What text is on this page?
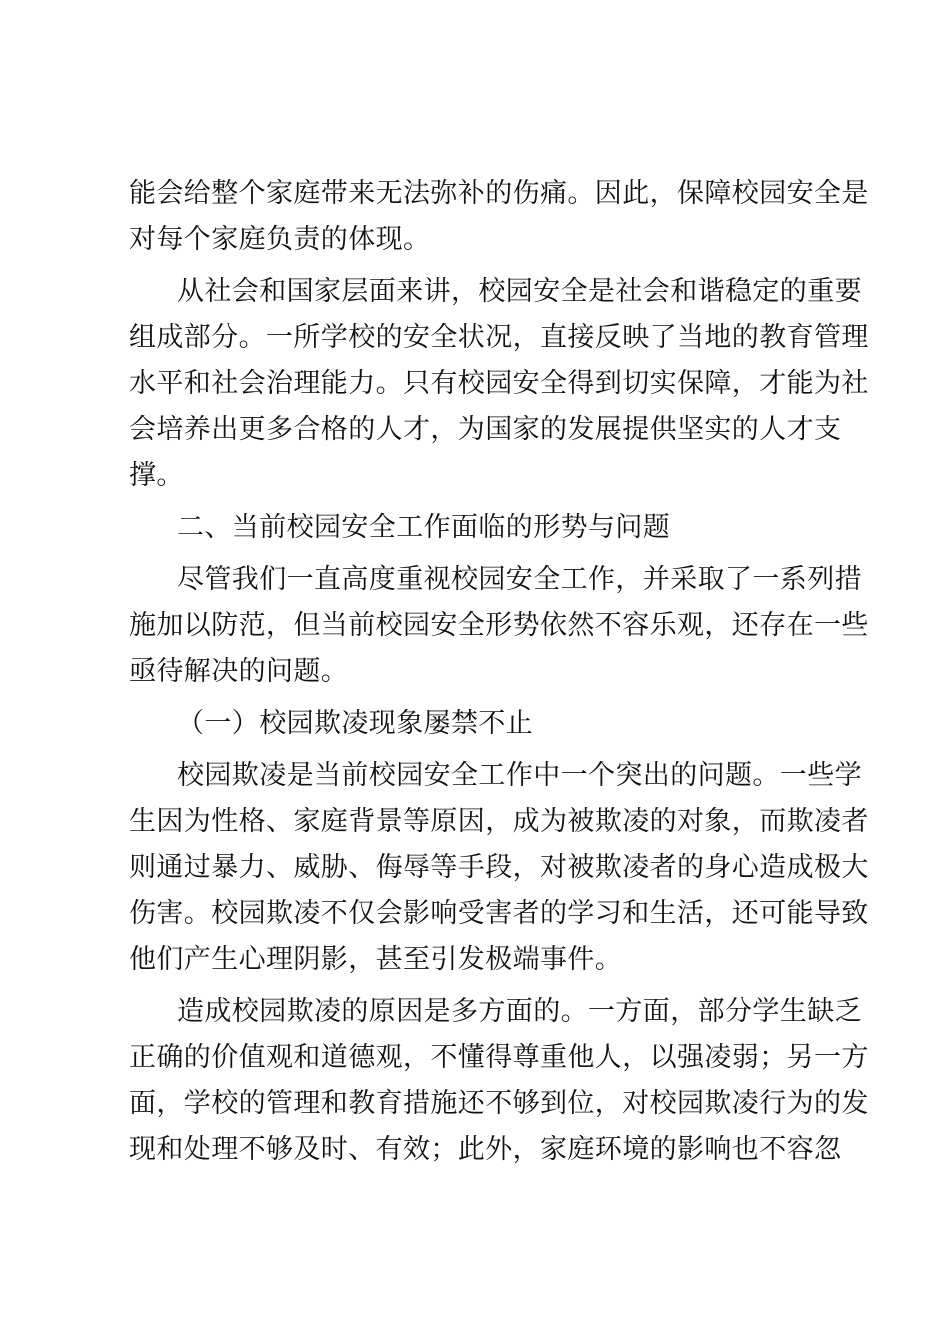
能会给整个家庭带来无法弥补的伤痛。因此，保障校园安全是
对每个家庭负责的体现。
从社会和国家层面来讲，校园安全是社会和谐稳定的重要
组成部分。一所学校的安全状况，直接反映了当地的教育管理
水平和社会治理能力。只有校园安全得到切实保障，才能为社
会培养出更多合格的人才，为国家的发展提供坚实的人才支
撑。
二、当前校园安全工作面临的形势与问题
尽管我们一直高度重视校园安全工作，并采取了一系列措
施加以防范，但当前校园安全形势依然不容乐观，还存在一些
亟待解决的问题。
（一）校园欺凌现象屡禁不止
校园欺凌是当前校园安全工作中一个突出的问题。一些学
生因为性格、家庭背景等原因，成为被欺凌的对象，而欺凌者
则通过暴力、威胁、侮辱等手段，对被欺凌者的身心造成极大
伤害。校园欺凌不仅会影响受害者的学习和生活，还可能导致
他们产生心理阴影，甚至引发极端事件。
造成校园欺凌的原因是多方面的。一方面，部分学生缺乏
正确的价值观和道德观，不懂得尊重他人，以强凌弱；另一方
面，学校的管理和教育措施还不够到位，对校园欺凌行为的发
现和处理不够及时、有效；此外，家庭环境的影响也不容忽
